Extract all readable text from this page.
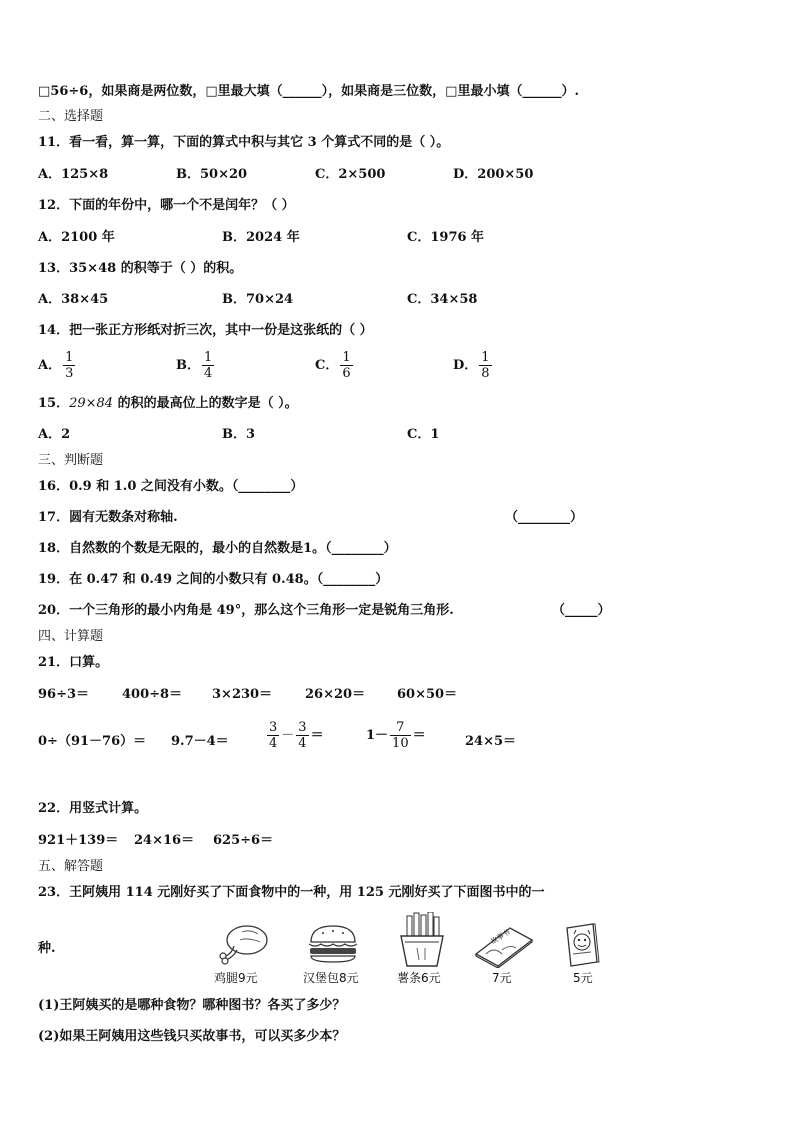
□56÷6，如果商是两位数，□里最大填（______），如果商是三位数，□里最小填（______）.
二、选择题
11．看一看，算一算，下面的算式中积与其它 3 个算式不同的是（ ）。
A．125×8	B．50×20	C．2×500	D．200×50
12．下面的年份中，哪一个不是闰年？（ ）
A．2100 年	B．2024 年	C．1976 年
13．35×48 的积等于（ ）的积。
A．38×45	B．70×24	C．34×58
14．把一张正方形纸对折三次，其中一份是这张纸的（ ）
A． $\frac{1}{3}$	B． $\frac{1}{4}$	C． $\frac{1}{6}$	D． $\frac{1}{8}$
15．29×84 的积的最高位上的数字是（ ）。
A．2	B．3	C．1
三、判断题
16．0.9 和 1.0 之间没有小数。（________）
17．圆有无数条对称轴.	（________）
18．自然数的个数是无限的，最小的自然数是1。（________）
19．在 0.47 和 0.49 之间的小数只有 0.48。（________）
20．一个三角形的最小内角是 49°，那么这个三角形一定是锐角三角形.	（_____）
四、计算题
21．口算。
96÷3＝	400÷8＝ 3×230＝	26×20＝ 60×50＝
0÷（91－76）＝ 9.7－4＝	$\frac{3}{4} - \frac{3}{4}$ ＝	$1- \frac{7}{10}$ ＝	24×5＝
22．用竖式计算。
921＋139＝ 24×16＝ 625÷6＝
五、解答题
23．王阿姨用 114 元刚好买了下面食物中的一种，用 125 元刚好买了下面图书中的一
种.
鸡腿9元	汉堡包8元	薯条6元
故事书
7元	5元
(1)王阿姨买的是哪种食物？哪种图书？各买了多少？
(2)如果王阿姨用这些钱只买故事书，可以买多少本？
